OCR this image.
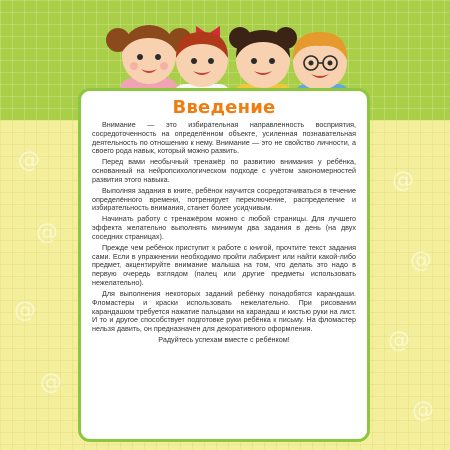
@
@
@
@
@
@
@
@
Введение

Внимание — это избирательная направленность восприятия, сосредоточенность на определённом объекте, усиленная познавательная деятельность по отношению к нему. Внимание — это не свойство личности, а своего рода навык, который можно развить.

Перед вами необычный тренажёр по развитию внимания у ребёнка, основанный на нейропсихологическом подходе с учётом закономерностей развития этого навыка.

Выполняя задания в книге, ребёнок научится сосредотачиваться в течение определённого времени, потренирует переключение, распределение и избирательность внимания, станет более усидчивым.

Начинать работу с тренажёром можно с любой страницы. Для лучшего эффекта желательно выполнять минимум два задания в день (на двух соседних страницах).

Прежде чем ребёнок приступит к работе с книгой, прочтите текст задания сами. Если в упражнении необходимо пройти лабиринт или найти какой-либо предмет, акцентируйте внимание малыша на том, что делать это надо в первую очередь взглядом (палец или другие предметы использовать нежелательно).

Для выполнения некоторых заданий ребёнку понадобятся карандаши. Фломастеры и краски использовать нежелательно. При рисовании карандашом требуется нажатие пальцами на карандаш и кистью руки на лист. И то и другое способствует подготовке руки ребёнка к письму. На фломастер нельзя давить, он предназначен для декоративного оформления.

Радуйтесь успехам вместе с ребёнком!
